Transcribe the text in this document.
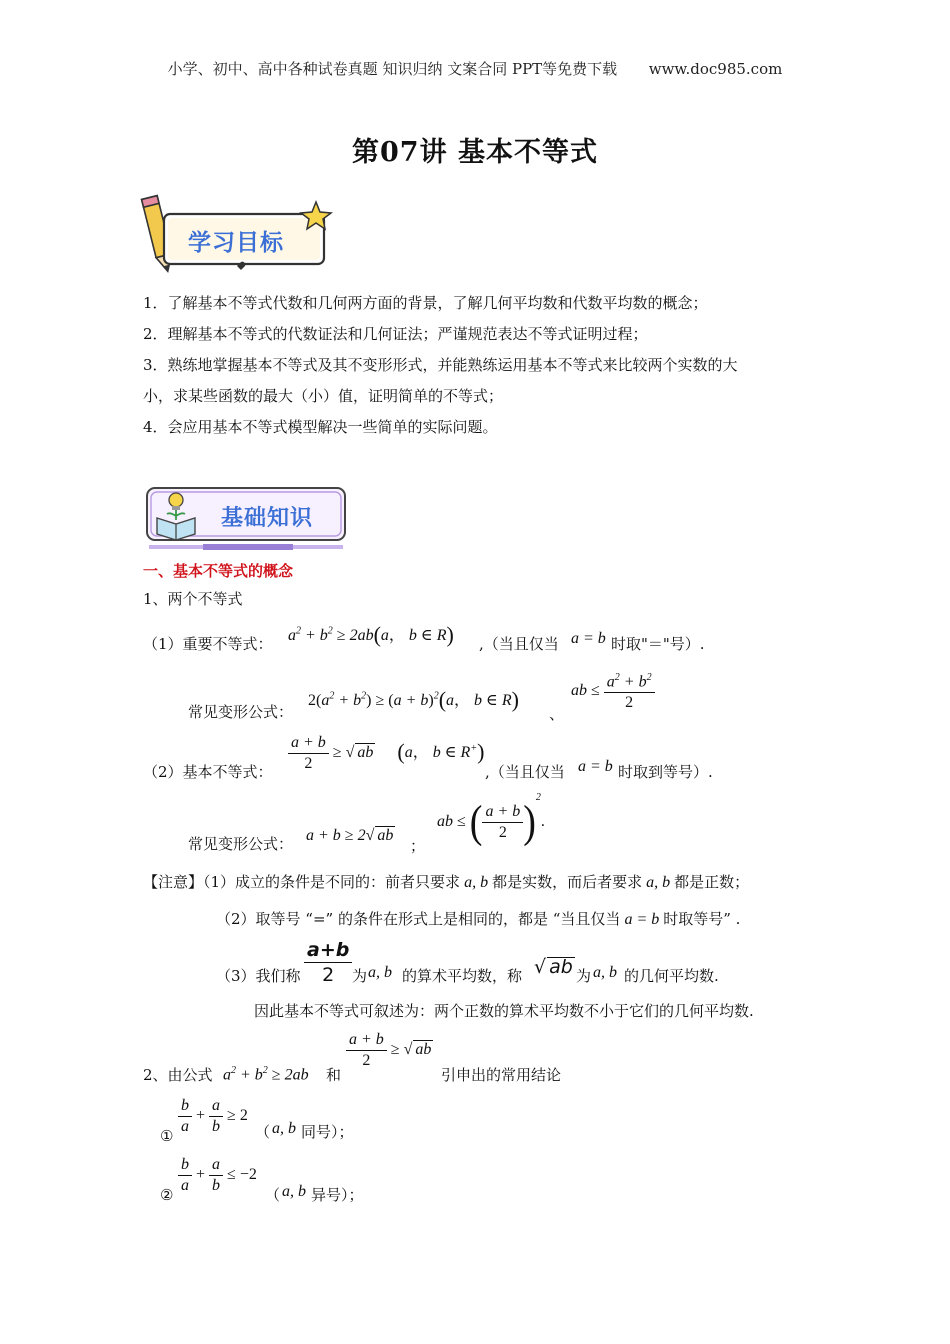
小学、初中、高中各种试卷真题 知识归纳 文案合同 PPT等免费下载 www.doc985.com
第07讲 基本不等式
学习目标
1．了解基本不等式代数和几何两方面的背景，了解几何平均数和代数平均数的概念；
2．理解基本不等式的代数证法和几何证法；严谨规范表达不等式证明过程；
3．熟练地掌握基本不等式及其不变形形式，并能熟练运用基本不等式来比较两个实数的大
小，求某些函数的最大（小）值，证明简单的不等式；
4．会应用基本不等式模型解决一些简单的实际问题。
基础知识
一、基本不等式的概念
1、两个不等式
（1）重要不等式： $a^2 + b^2 \ge 2ab(a$， b ∈ R) ,（当且仅当 a = b 时取"＝"号）.
常见变形公式：
$2(a^2 + b^2) \ge (a + b)^2(a$， b ∈ R)
、
ab ≤ $\frac{a^2 + b^2}{2}$
（2）基本不等式： $\frac{a + b}{2}$ ≥ √ ab (a， b ∈ R+)
,（当且仅当 a = b 时取到等号）.
常见变形公式： a + b ≥ 2√ ab
；
ab ≤ ( $\frac{a + b}{2} )^2$.
【注意】（1）成立的条件是不同的：前者只要求 a, b 都是实数，而后者要求 a, b 都是正数；
（2）取等号 “=” 的条件在形式上是相同的，都是 “当且仅当 a = b 时取等号” .
（3）我们称 $\frac{a+b}{2}$ 为 a, b 的算术平均数，称 √ ab 为 a, b 的几何平均数.
因此基本不等式可叙述为：两个正数的算术平均数不小于它们的几何平均数.
2、由公式 $a^2 + b^2 \ge 2ab$ 和
$\frac{a + b}{2}$ ≥ √ ab
引申出的常用结论
① $\frac{b}{a} + \frac{a}{b} \ge 2$
（ a, b 同号）；
② $\frac{b}{a} + \frac{a}{b} \le -2$
（ a, b 异号）；
